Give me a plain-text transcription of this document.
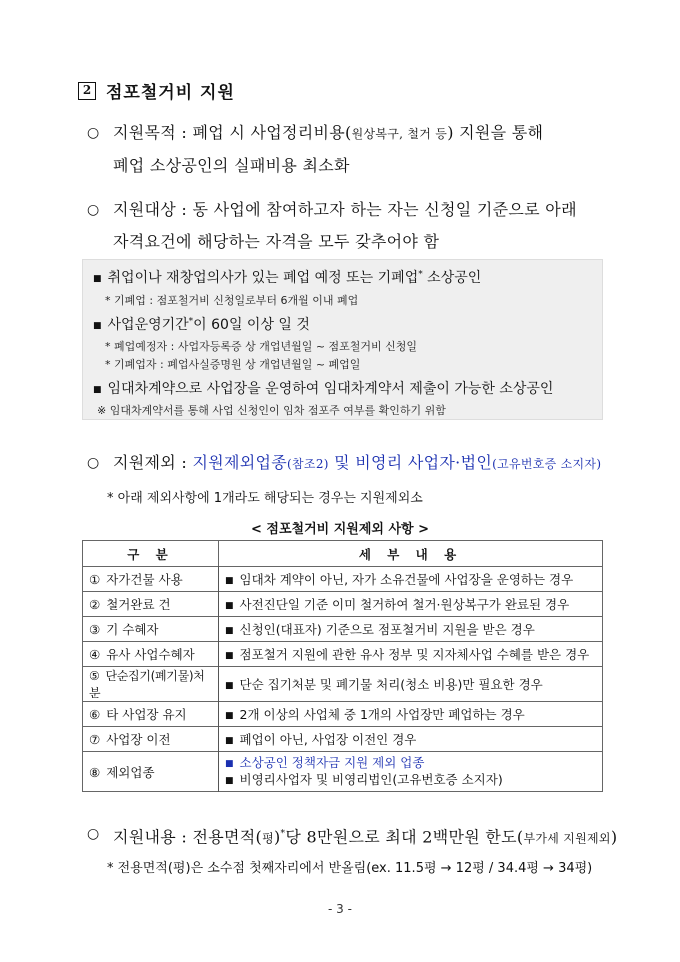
2 점포철거비 지원
○ 지원목적 : 폐업 시 사업정리비용(원상복구, 철거 등) 지원을 통해
폐업 소상공인의 실패비용 최소화
○ 지원대상 : 동 사업에 참여하고자 하는 자는 신청일 기준으로 아래
자격요건에 해당하는 자격을 모두 갖추어야 함
■ 취업이나 재창업의사가 있는 폐업 예정 또는 기폐업* 소상공인
* 기폐업 : 점포철거비 신청일로부터 6개월 이내 폐업
■ 사업운영기간*이 60일 이상 일 것
* 폐업예정자 : 사업자등록증 상 개업년월일 ~ 점포철거비 신청일
* 기폐업자 : 폐업사실증명원 상 개업년월일 ~ 폐업일
■ 임대차계약으로 사업장을 운영하여 임대차계약서 제출이 가능한 소상공인
※ 임대차계약서를 통해 사업 신청인이 임차 점포주 여부를 확인하기 위함
○ 지원제외 : 지원제외업종(참조2) 및 비영리 사업자·법인(고유번호증 소지자)
* 아래 제외사항에 1개라도 해당되는 경우는 지원제외소
< 점포철거비 지원제외 사항 >
구 분	세 부 내 용
① 자가건물 사용	■ 임대차 계약이 아닌, 자가 소유건물에 사업장을 운영하는 경우
② 철거완료 건	■ 사전진단일 기준 이미 철거하여 철거·원상복구가 완료된 경우
③ 기 수혜자	■ 신청인(대표자) 기준으로 점포철거비 지원을 받은 경우
④ 유사 사업수혜자	■ 점포철거 지원에 관한 유사 정부 및 지자체사업 수혜를 받은 경우
⑤ 단순집기(폐기물)처분	■ 단순 집기처분 및 폐기물 처리(청소 비용)만 필요한 경우
⑥ 타 사업장 유지	■ 2개 이상의 사업체 중 1개의 사업장만 폐업하는 경우
⑦ 사업장 이전	■ 폐업이 아닌, 사업장 이전인 경우
⑧ 제외업종	■ 소상공인 정책자금 지원 제외 업종
■ 비영리사업자 및 비영리법인(고유번호증 소지자)
○ 지원내용 : 전용면적(평)*당 8만원으로 최대 2백만원 한도(부가세 지원제외)
* 전용면적(평)은 소수점 첫째자리에서 반올림(ex. 11.5평 → 12평 / 34.4평 → 34평)
- 3 -
